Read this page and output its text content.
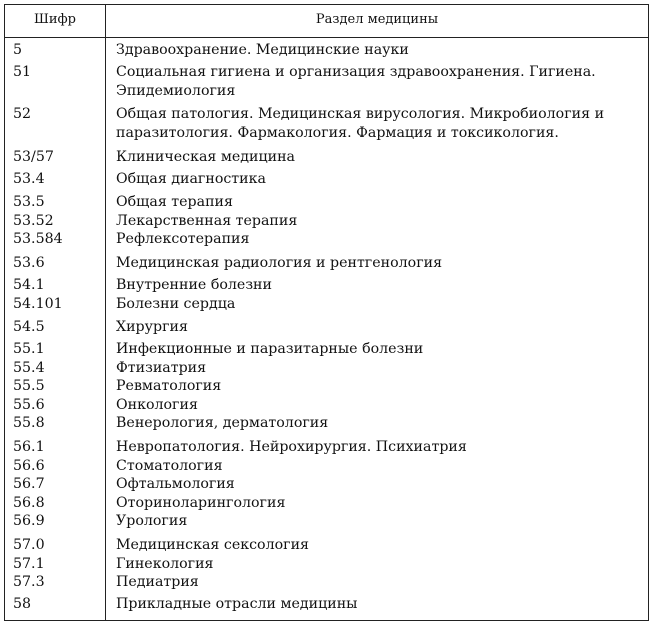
Шифр	Раздел медицины
5	Здравоохранение. Медицинские науки
51	Социальная гигиена и организация здравоохранения. Гигиена. Эпидемиология
52	Общая патология. Медицинская вирусология. Микробиология и паразитология. Фармакология. Фармация и токсикология.
53/57	Клиническая медицина
53.4	Общая диагностика
53.5	Общая терапия
53.52	Лекарственная терапия
53.584	Рефлексотерапия
53.6	Медицинская радиология и рентгенология
54.1	Внутренние болезни
54.101	Болезни сердца
54.5	Хирургия
55.1	Инфекционные и паразитарные болезни
55.4	Фтизиатрия
55.5	Ревматология
55.6	Онкология
55.8	Венерология, дерматология
56.1	Невропатология. Нейрохирургия. Психиатрия
56.6	Стоматология
56.7	Офтальмология
56.8	Оториноларингология
56.9	Урология
57.0	Медицинская сексология
57.1	Гинекология
57.3	Педиатрия
58	Прикладные отрасли медицины
